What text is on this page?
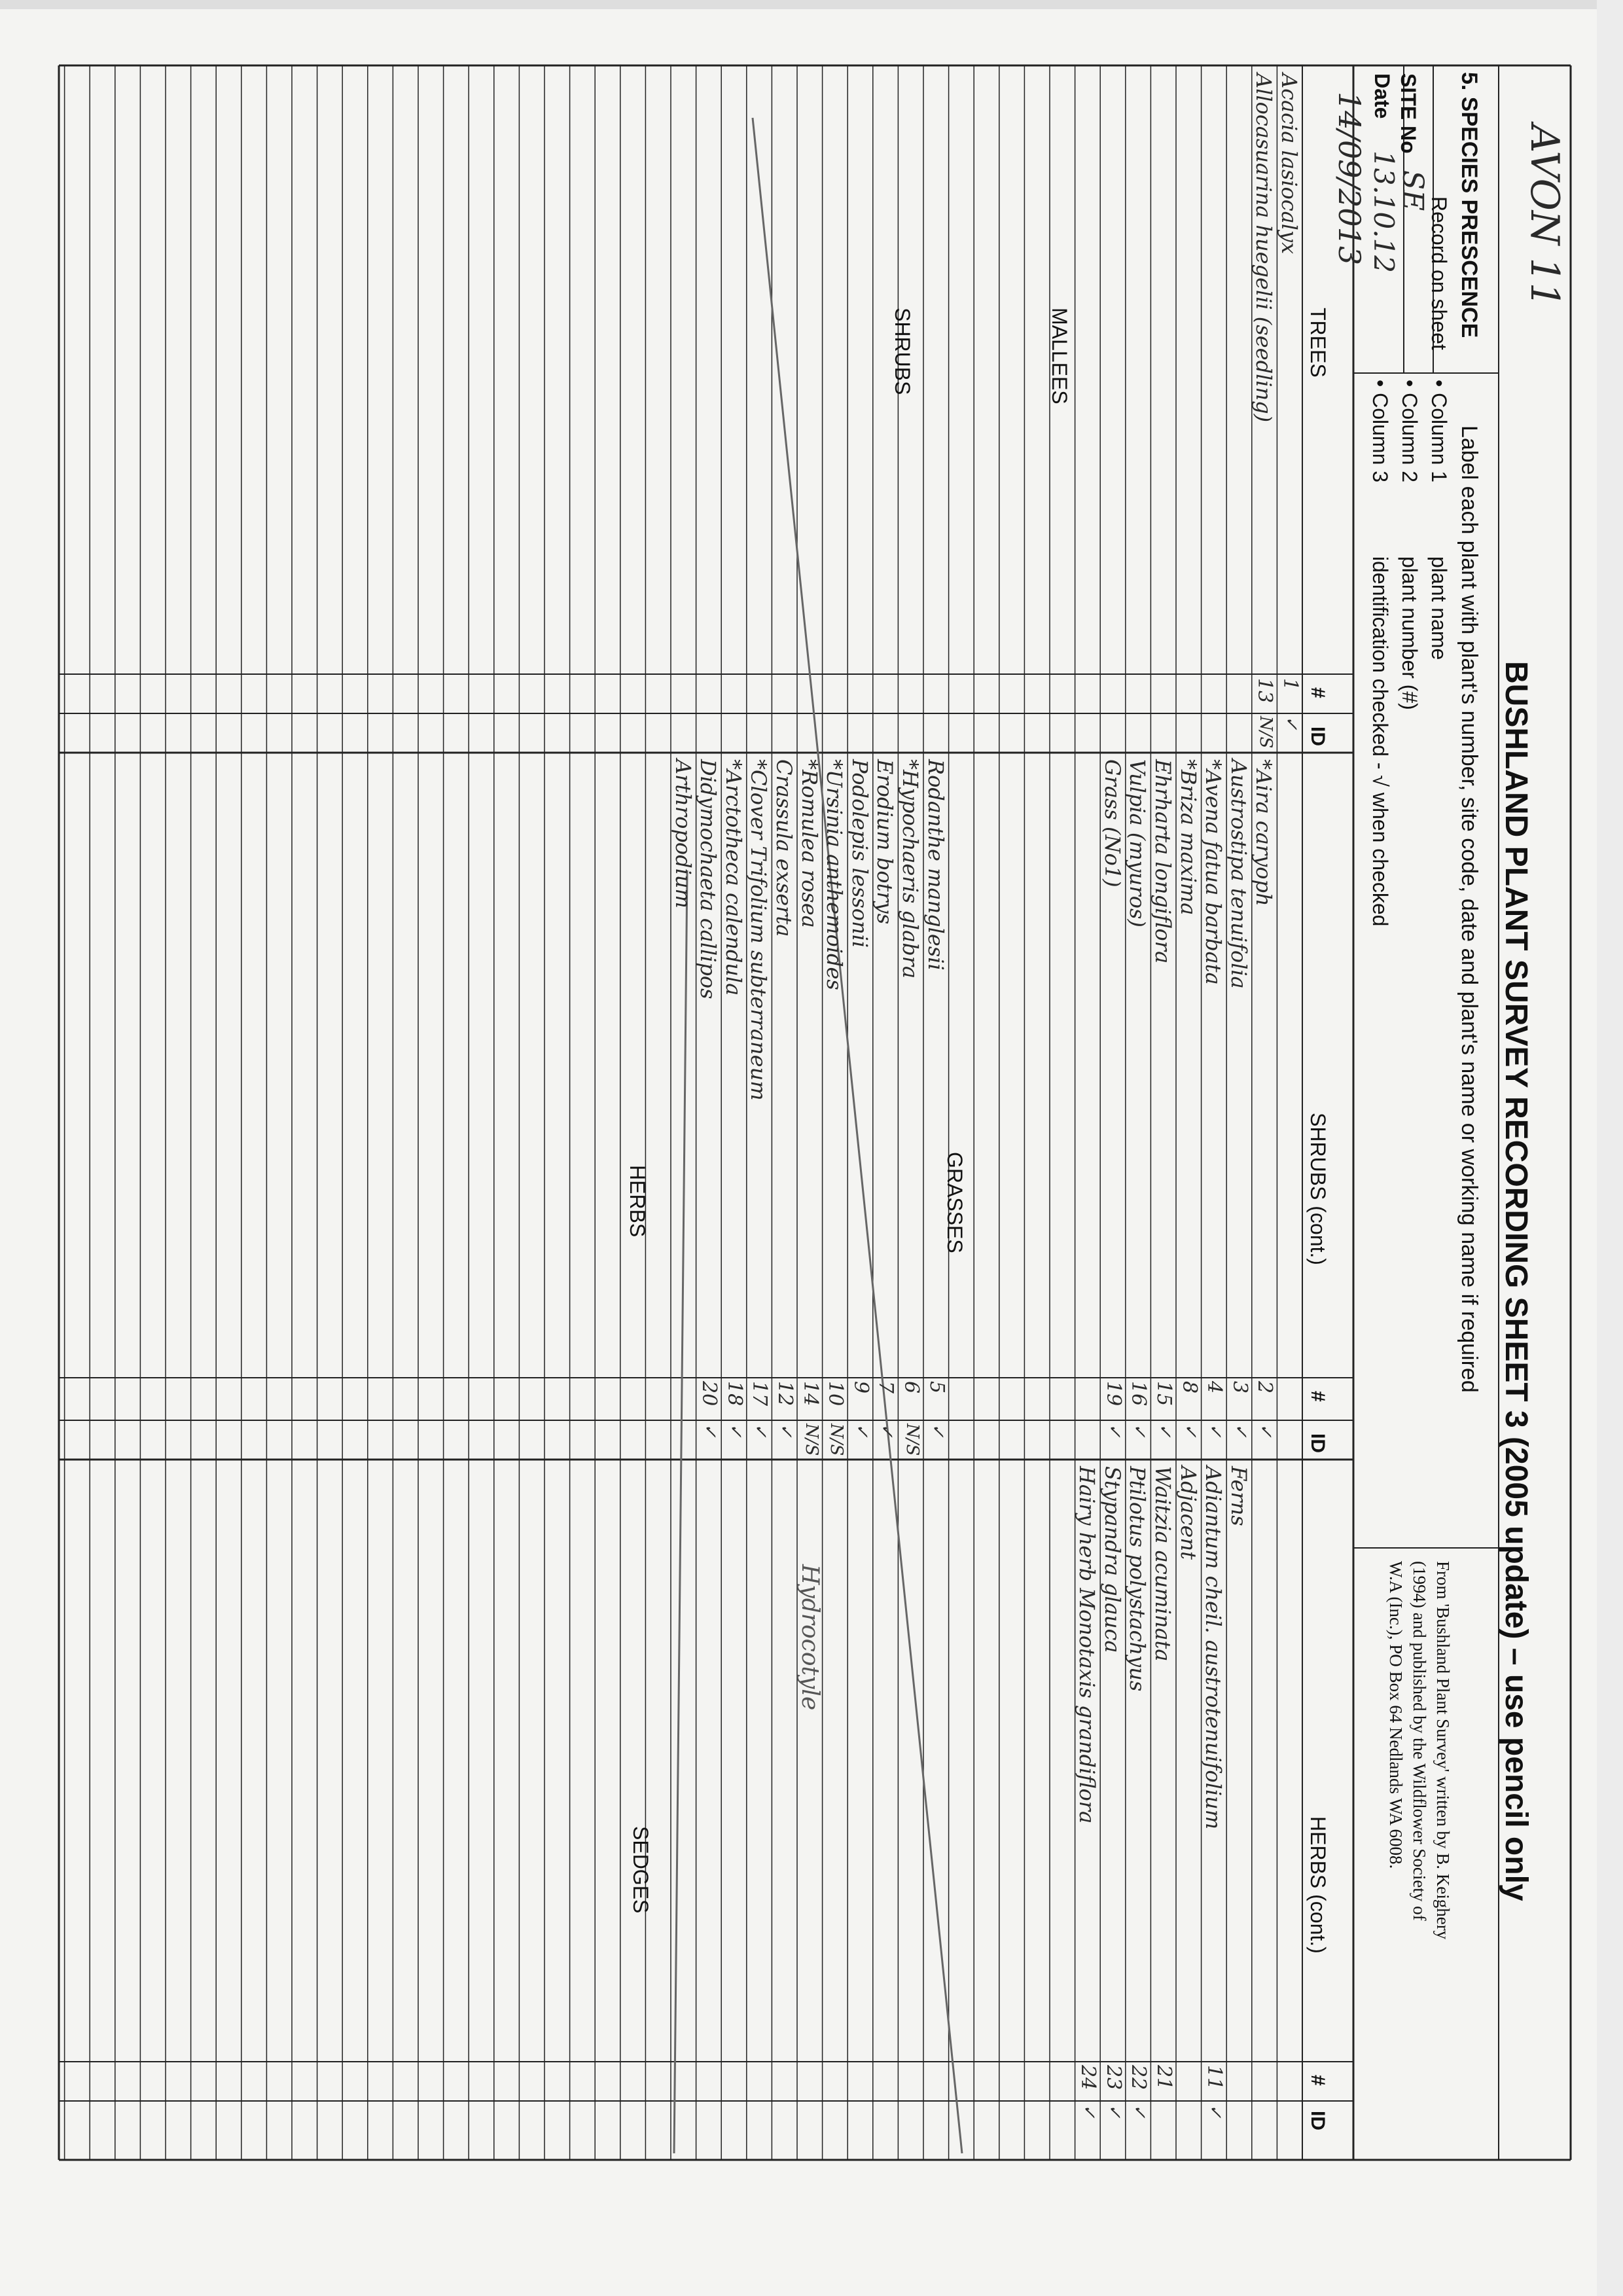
AVON 11
BUSHLAND PLANT SURVEY RECORDING SHEET 3 (2005 update) – use pencil only
5. SPECIES PRESCENCE
Label each plant with plant's number, site code, date and plant's name or working name if required
Record on sheet
• Column 1
plant name
• Column 2
plant number (#)
• Column 3
identification checked - √ when checked
From 'Bushland Plant Survey' written by B. Keighery
(1994) and published by the Wildflower Society of
W.A (Inc.), PO Box 64 Nedlands WA 6008.
SITE No
SE
Date
13.10.12
14/09/2013
TREES
MALLEES
SHRUBS
#
ID
SHRUBS (cont.)
GRASSES
HERBS
#
ID
HERBS (cont.)
SEDGES
#
ID
Hydrocotyle
Acacia lasiocalyx
1
✓
Allocasuarina huegelii (seedling)
13
N/S
*Aira caryoph
2
✓
Austrostipa tenuifolia
3
✓
*Avena fatua barbata
4
✓
*Briza maxima
8
✓
Ehrharta longiflora
15
✓
Vulpia (myuros)
16
✓
Grass (No1)
19
✓
Rodanthe manglesii
5
✓
*Hypochaeris glabra
6
N/S
Erodium botrys
7
✓
Podolepis lessonii
9
✓
*Ursinia anthemoides
10
N/S
*Romulea rosea
14
N/S
Crassula exserta
12
✓
*Clover Trifolium subterraneum
17
✓
*Arctotheca calendula
18
✓
Didymochaeta callipos
20
✓
Arthropodium
Ferns
Adiantum cheil. austrotenuifolium
11
✓
Adjacent
Waitzia acuminata
21
Ptilotus polystachyus
22
✓
Stypandra glauca
23
✓
Hairy herb Monotaxis grandiflora
24
✓
